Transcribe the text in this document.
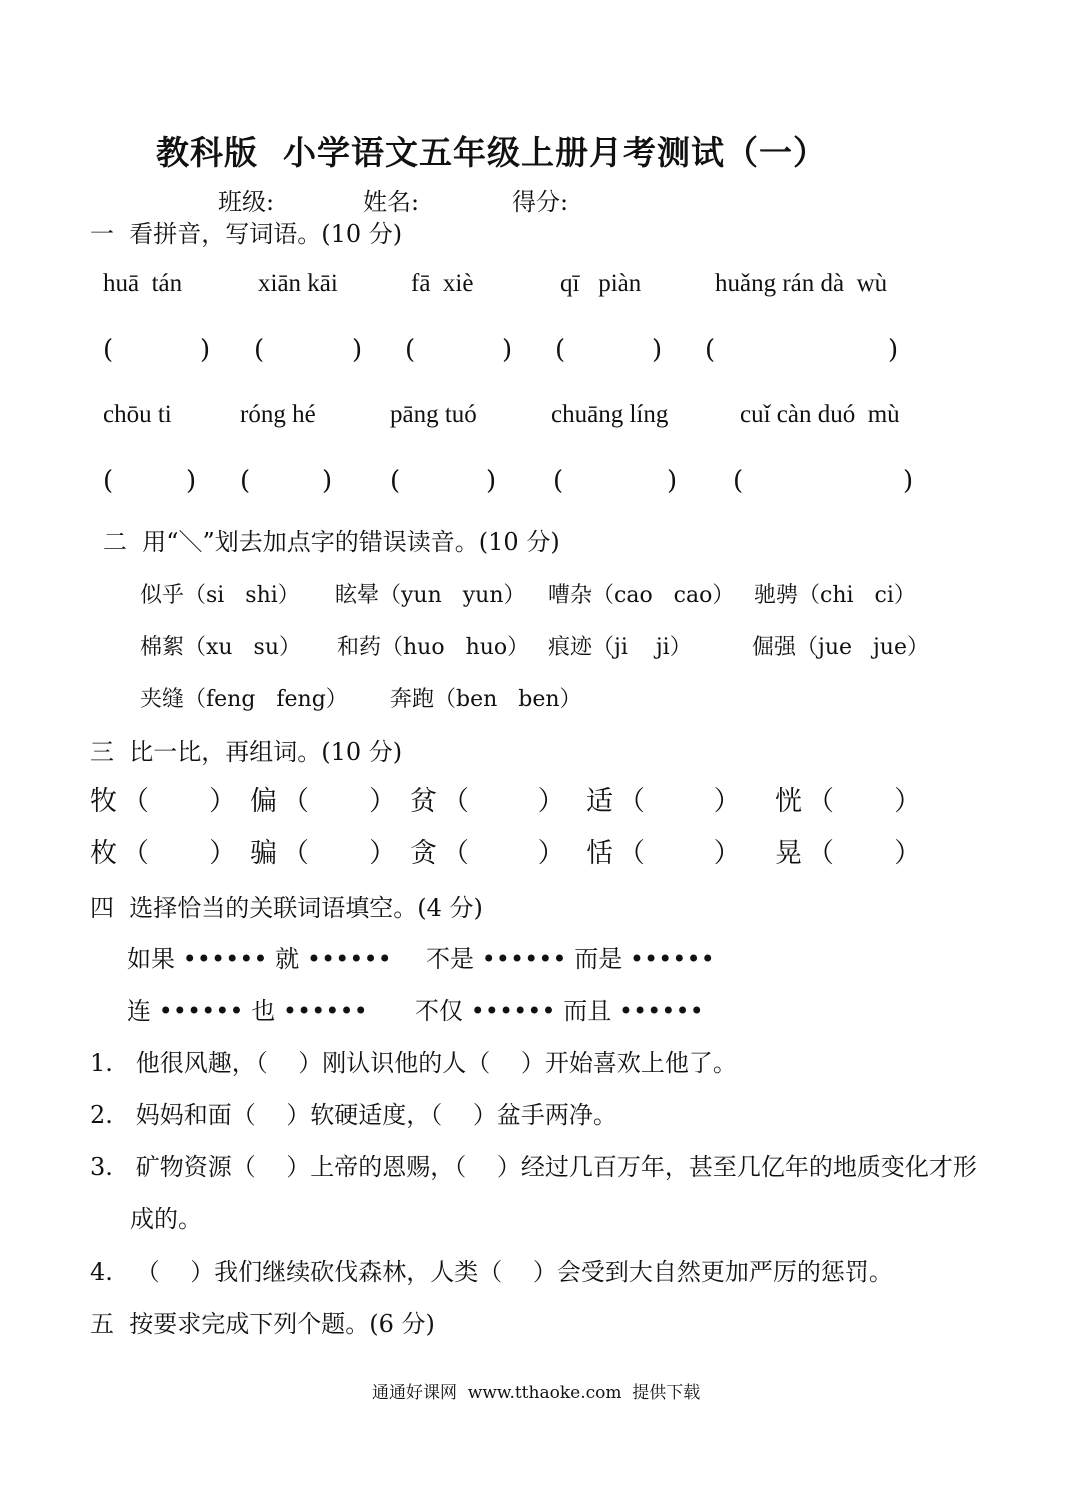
教科版  小学语文五年级上册月考测试（一）
班级:	姓名:	得分:
一  看拼音，写词语。(10 分)
huā  tán	xiān kāi	fā  xiè	qī   piàn	huǎng rán dà  wù
(	) (	) (	) (	) (	)
chōu ti	róng hé	pāng tuó	chuāng líng	cuǐ càn duó  mù
(	) (	) (	) (	) (	)
二  用“＼”划去加点字的错误读音。(10 分)
似乎（si   shi） 眩晕（yun   yun） 嘈杂（cao   cao） 驰骋（chi   ci）
棉絮（xu   su） 和药（huo   huo） 痕迹（ji    ji）	倔强（jue   jue）
夹缝（feng   feng） 奔跑（ben   ben）
三  比一比，再组词。(10 分)
牧 （       ） 偏 （       ） 贫 （        ） 适 （        ） 恍 （       ）
枚 （       ） 骗 （       ） 贪 （        ） 恬 （        ） 晃 （       ）
四  选择恰当的关联词语填空。(4 分)
如果 •••••• 就 •••••• 不是 •••••• 而是 ••••••
连 •••••• 也 •••••• 不仅 •••••• 而且 ••••••
1.   他很风趣，（    ）刚认识他的人（    ）开始喜欢上他了。
2.   妈妈和面（    ）软硬适度，（    ）盆手两净。
3.   矿物资源（    ）上帝的恩赐，（    ）经过几百万年，甚至几亿年的地质变化才形
成的。
4.   （    ）我们继续砍伐森林，人类（    ）会受到大自然更加严厉的惩罚。
五  按要求完成下列个题。(6 分)
通通好课网  www.tthaoke.com  提供下载
